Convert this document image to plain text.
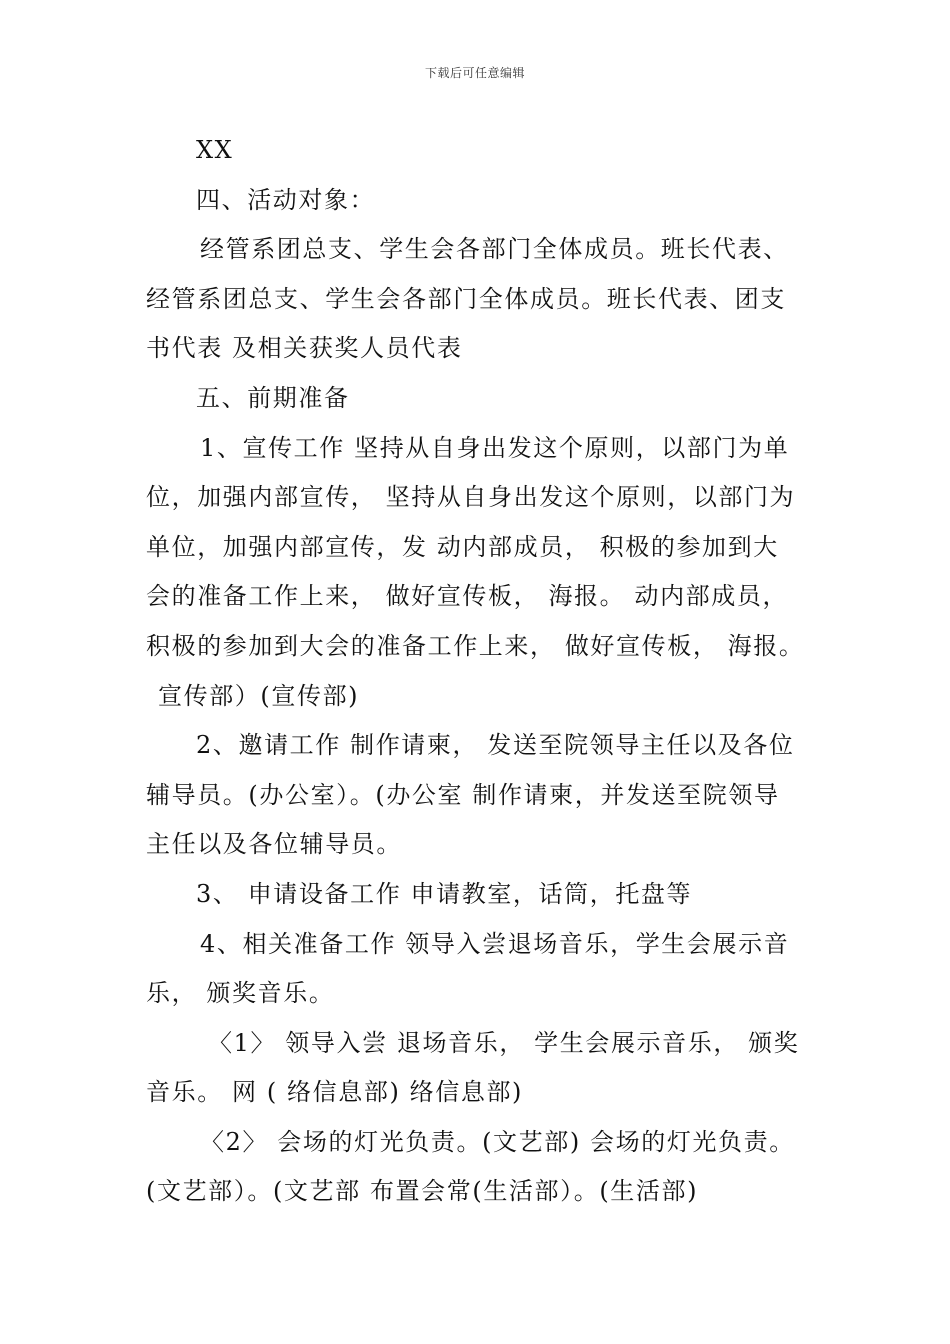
下载后可任意编辑
XX
四、活动对象：
经管系团总支、学生会各部门全体成员。班长代表、
经管系团总支、学生会各部门全体成员。班长代表、团支
书代表 及相关获奖人员代表
五、前期准备
1、宣传工作 坚持从自身出发这个原则，以部门为单
位，加强内部宣传， 坚持从自身出发这个原则，以部门为
单位，加强内部宣传，发 动内部成员， 积极的参加到大
会的准备工作上来， 做好宣传板， 海报。 动内部成员，
积极的参加到大会的准备工作上来， 做好宣传板， 海报。
宣传部）(宣传部)
2、邀请工作 制作请柬， 发送至院领导主任以及各位
辅导员。(办公室）。(办公室 制作请柬，并发送至院领导
主任以及各位辅导员。
3、 申请设备工作 申请教室，话筒，托盘等
4、相关准备工作 领导入尝退场音乐，学生会展示音
乐， 颁奖音乐。
〈1〉 领导入尝 退场音乐， 学生会展示音乐， 颁奖
音乐。 网 ( 络信息部) 络信息部)
〈2〉 会场的灯光负责。(文艺部) 会场的灯光负责。
(文艺部）。(文艺部 布置会常(生活部）。(生活部)
